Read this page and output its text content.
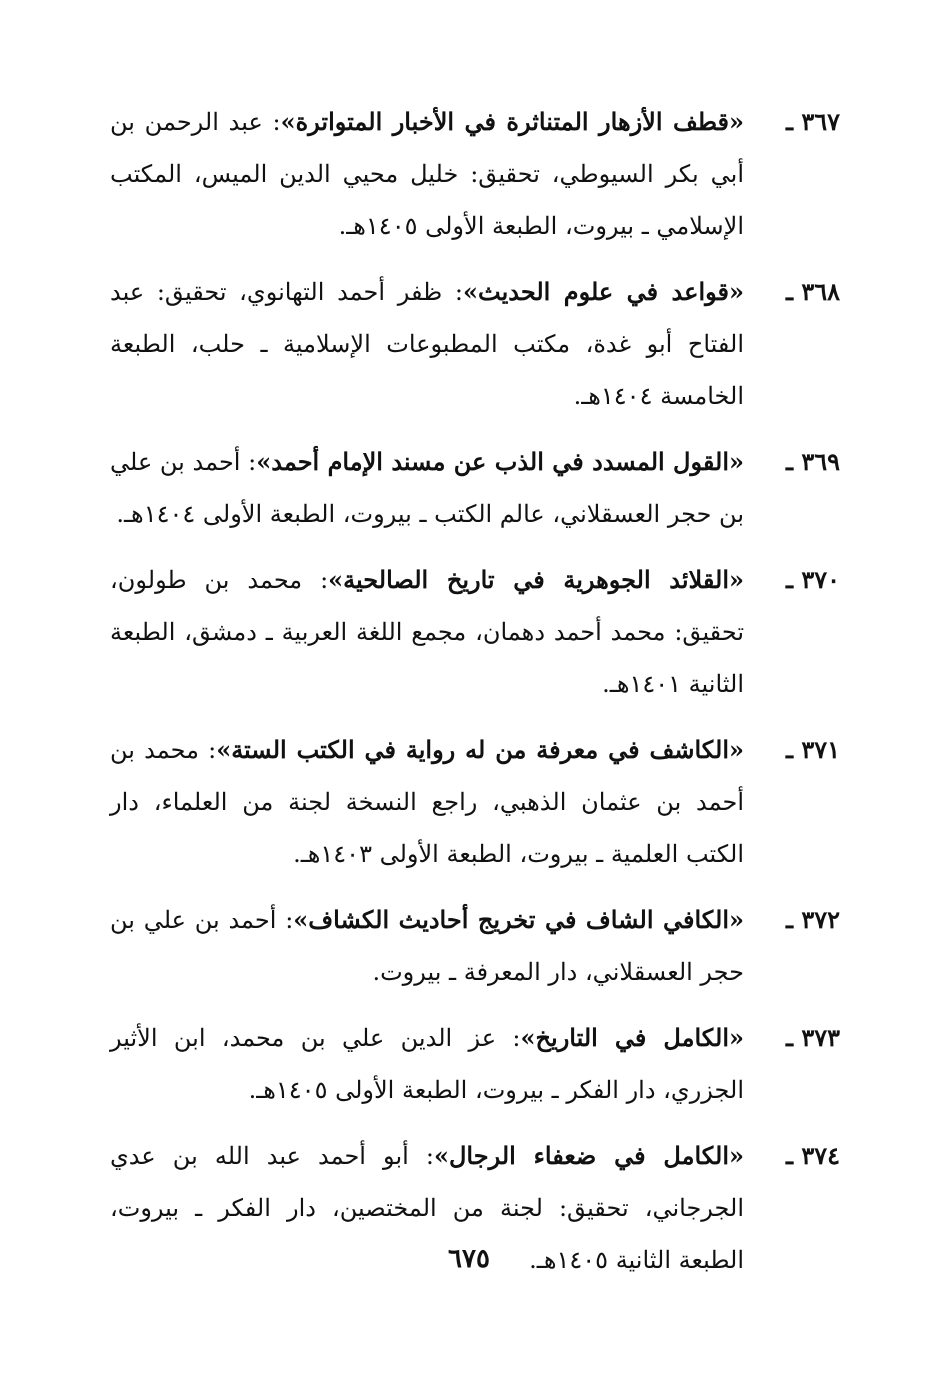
٣٦٧ ـ
«قطف الأزهار المتناثرة في الأخبار المتواترة»: عبد الرحمن بن أبي بكر السيوطي، تحقيق: خليل محيي الدين الميس، المكتب الإسلامي ـ بيروت، الطبعة الأولى ١٤٠٥هـ.
٣٦٨ ـ
«قواعد في علوم الحديث»: ظفر أحمد التهانوي، تحقيق: عبد الفتاح أبو غدة، مكتب المطبوعات الإسلامية ـ حلب، الطبعة الخامسة ١٤٠٤هـ.
٣٦٩ ـ
«القول المسدد في الذب عن مسند الإمام أحمد»: أحمد بن علي بن حجر العسقلاني، عالم الكتب ـ بيروت، الطبعة الأولى ١٤٠٤هـ.
٣٧٠ ـ
«القلائد الجوهرية في تاريخ الصالحية»: محمد بن طولون، تحقيق: محمد أحمد دهمان، مجمع اللغة العربية ـ دمشق، الطبعة الثانية ١٤٠١هـ.
٣٧١ ـ
«الكاشف في معرفة من له رواية في الكتب الستة»: محمد بن أحمد بن عثمان الذهبي، راجع النسخة لجنة من العلماء، دار الكتب العلمية ـ بيروت، الطبعة الأولى ١٤٠٣هـ.
٣٧٢ ـ
«الكافي الشاف في تخريج أحاديث الكشاف»: أحمد بن علي بن حجر العسقلاني، دار المعرفة ـ بيروت.
٣٧٣ ـ
«الكامل في التاريخ»: عز الدين علي بن محمد، ابن الأثير الجزري، دار الفكر ـ بيروت، الطبعة الأولى ١٤٠٥هـ.
٣٧٤ ـ
«الكامل في ضعفاء الرجال»: أبو أحمد عبد الله بن عدي الجرجاني، تحقيق: لجنة من المختصين، دار الفكر ـ بيروت، الطبعة الثانية ١٤٠٥هـ.
٦٧٥
